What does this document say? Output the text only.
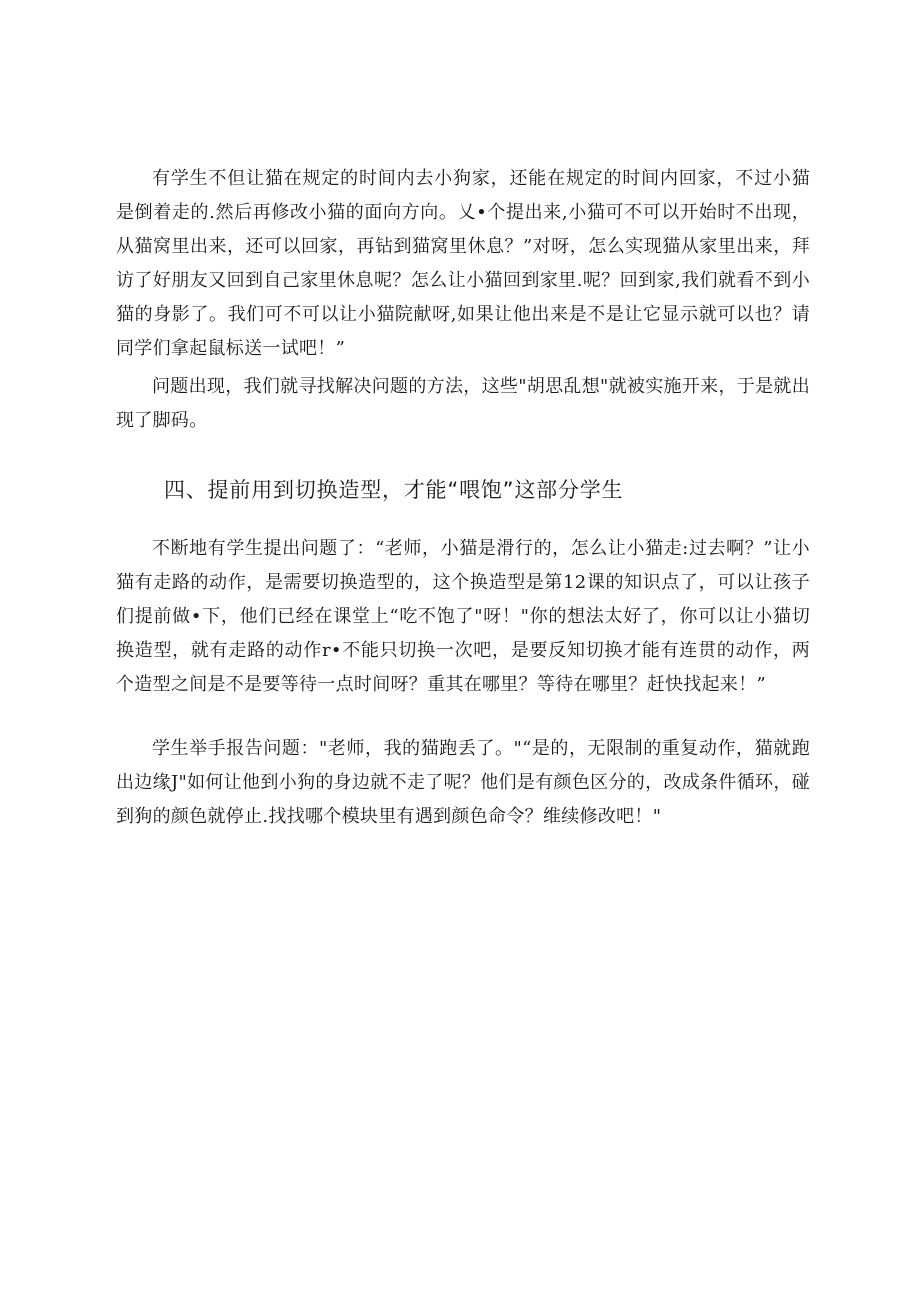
有学生不但让猫在规定的时间内去小狗家，还能在规定的时间内回家，不过小猫是倒着走的.然后再修改小猫的面向方向。乂•个提出来,小猫可不可以开始时不出现，从猫窝里出来，还可以回家，再钻到猫窝里休息？”对呀，怎么实现猫从家里出来，拜访了好朋友又回到自己家里休息呢？怎么让小猫回到家里.呢？回到家,我们就看不到小猫的身影了。我们可不可以让小猫院献呀,如果让他出来是不是让它显示就可以也？请同学们拿起鼠标送一试吧！”

问题出现，我们就寻找解决问题的方法，这些"胡思乱想"就被实施开来，于是就出现了脚码。

四、提前用到切换造型，才能“喂饱”这部分学生

不断地有学生提出问题了：“老师，小猫是滑行的，怎么让小猫走:过去啊？”让小猫有走路的动作，是需要切换造型的，这个换造型是第12课的知识点了，可以让孩子们提前做•下，他们已经在课堂上“吃不饱了"呀！"你的想法太好了，你可以让小猫切换造型，就有走路的动作r•不能只切换一次吧，是要反知切换才能有连贯的动作，两个造型之间是不是要等待一点时间呀？重其在哪里？等待在哪里？赶快找起来！”

学生举手报告问题："老师，我的猫跑丢了。"“是的，无限制的重复动作，猫就跑出边缘J"如何让他到小狗的身边就不走了呢？他们是有颜色区分的，改成条件循环，碰到狗的颜色就停止.找找哪个模块里有遇到颜色命令？维续修改吧！"
